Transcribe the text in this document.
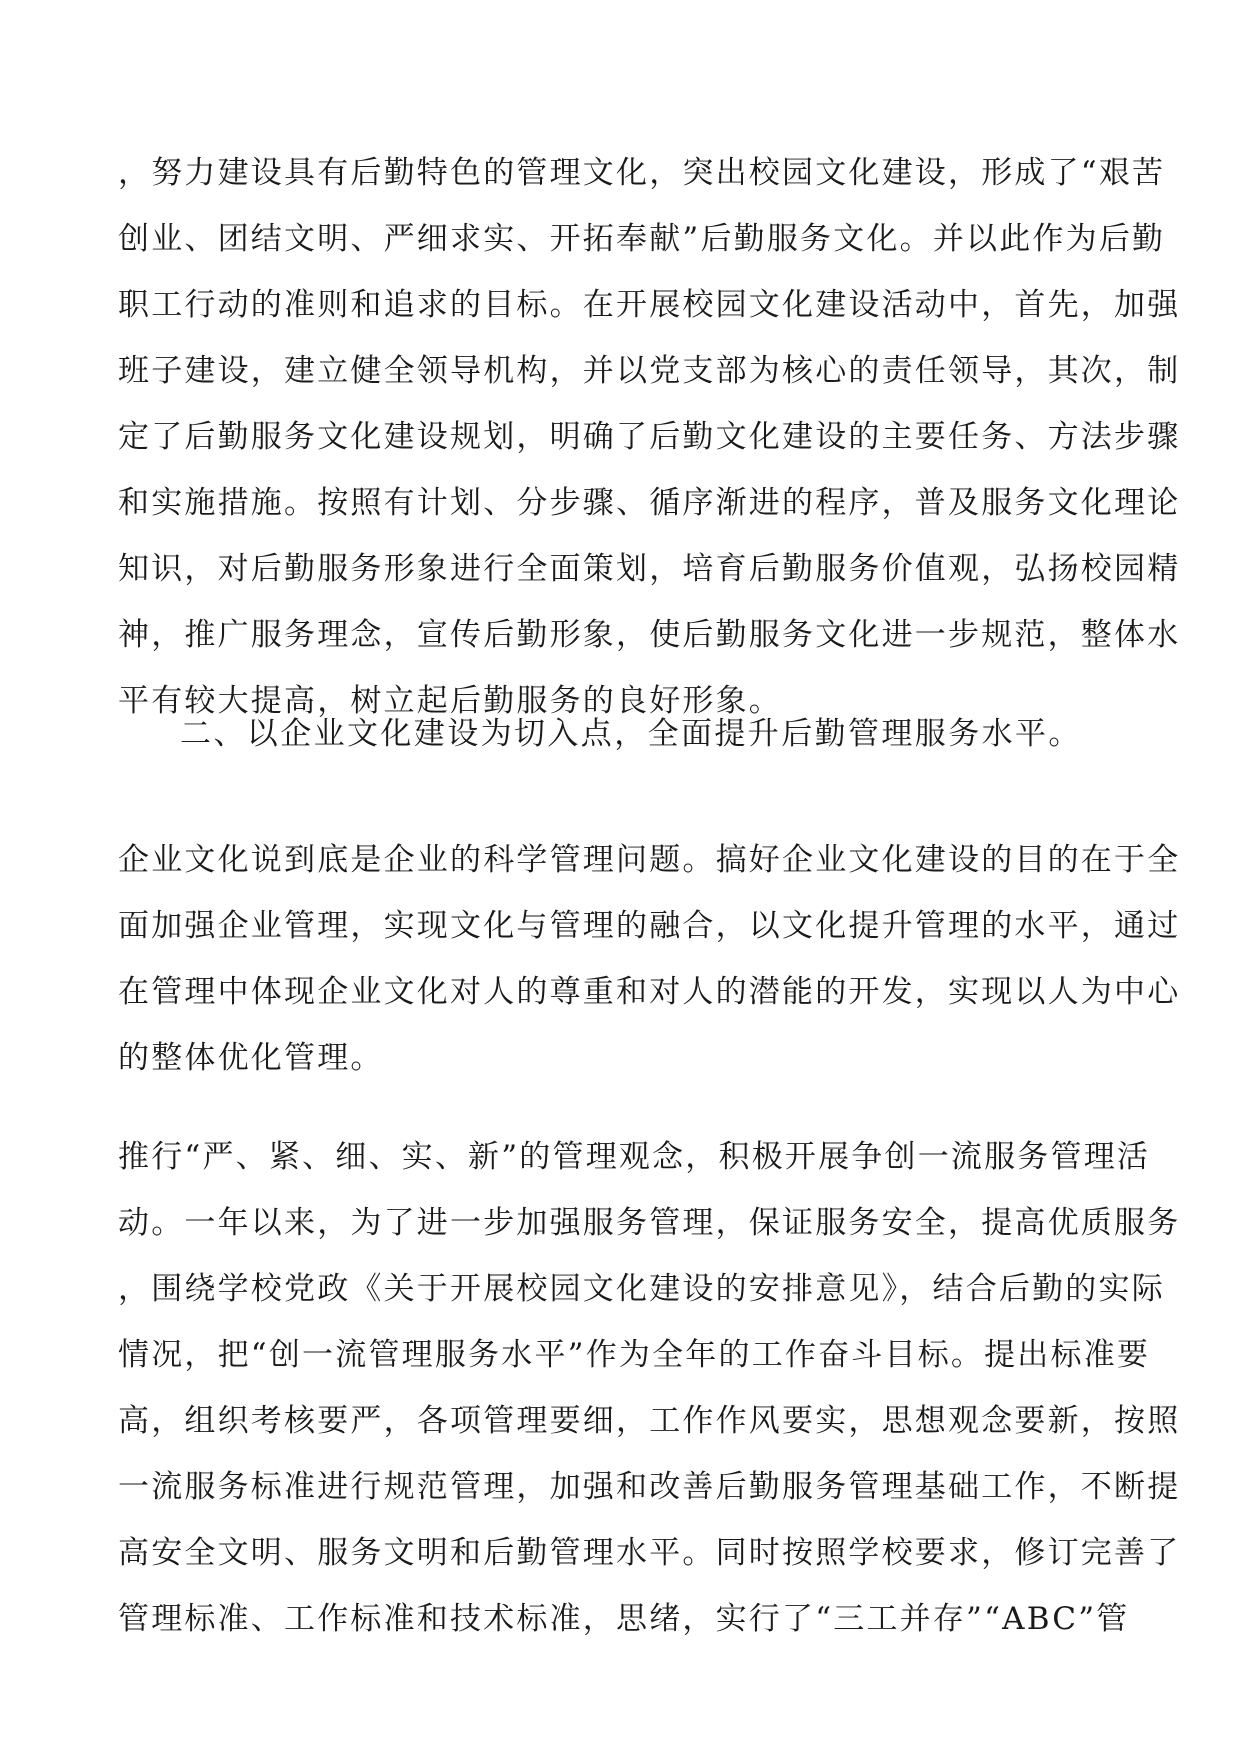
，努力建设具有后勤特色的管理文化，突出校园文化建设，形成了“艰苦
创业、团结文明、严细求实、开拓奉献”后勤服务文化。并以此作为后勤
职工行动的准则和追求的目标。在开展校园文化建设活动中，首先，加强
班子建设，建立健全领导机构，并以党支部为核心的责任领导，其次，制
定了后勤服务文化建设规划，明确了后勤文化建设的主要任务、方法步骤
和实施措施。按照有计划、分步骤、循序渐进的程序，普及服务文化理论
知识，对后勤服务形象进行全面策划，培育后勤服务价值观，弘扬校园精
神，推广服务理念，宣传后勤形象，使后勤服务文化进一步规范，整体水
平有较大提高，树立起后勤服务的良好形象。
二、以企业文化建设为切入点，全面提升后勤管理服务水平。
企业文化说到底是企业的科学管理问题。搞好企业文化建设的目的在于全
面加强企业管理，实现文化与管理的融合，以文化提升管理的水平，通过
在管理中体现企业文化对人的尊重和对人的潜能的开发，实现以人为中心
的整体优化管理。
推行“严、紧、细、实、新”的管理观念，积极开展争创一流服务管理活
动。一年以来，为了进一步加强服务管理，保证服务安全，提高优质服务
，围绕学校党政《关于开展校园文化建设的安排意见》，结合后勤的实际
情况，把“创一流管理服务水平”作为全年的工作奋斗目标。提出标准要
高，组织考核要严，各项管理要细，工作作风要实，思想观念要新，按照
一流服务标准进行规范管理，加强和改善后勤服务管理基础工作，不断提
高安全文明、服务文明和后勤管理水平。同时按照学校要求，修订完善了
管理标准、工作标准和技术标准，思绪，实行了“三工并存”“ABC”管
